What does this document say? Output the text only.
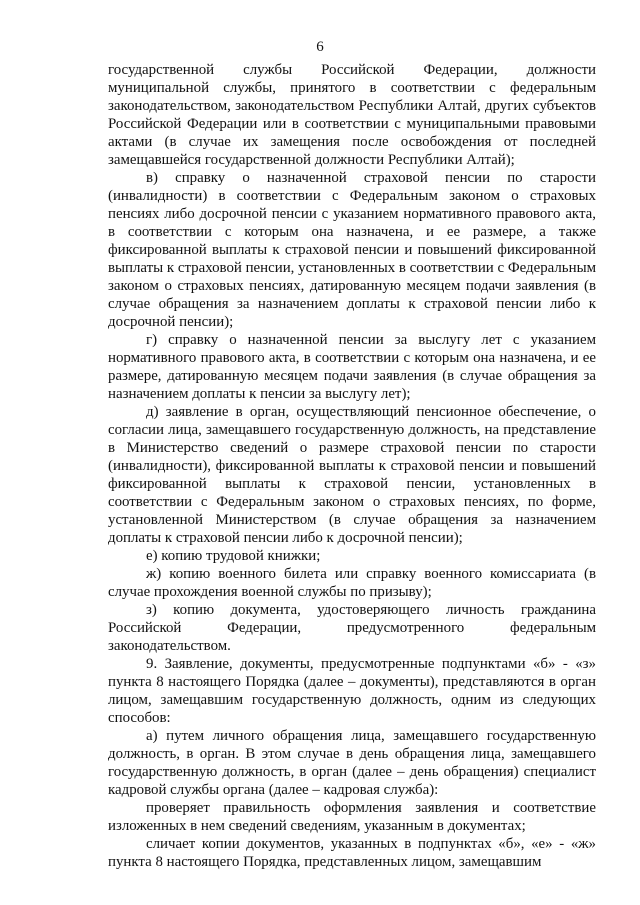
6

государственной службы Российской Федерации, должности муниципальной службы, принятого в соответствии с федеральным законодательством, законодательством Республики Алтай, других субъектов Российской Федерации или в соответствии с муниципальными правовыми актами (в случае их замещения после освобождения от последней замещавшейся государственной должности Республики Алтай);

в) справку о назначенной страховой пенсии по старости (инвалидности) в соответствии с Федеральным законом о страховых пенсиях либо досрочной пенсии с указанием нормативного правового акта, в соответствии с которым она назначена, и ее размере, а также фиксированной выплаты к страховой пенсии и повышений фиксированной выплаты к страховой пенсии, установленных в соответствии с Федеральным законом о страховых пенсиях, датированную месяцем подачи заявления (в случае обращения за назначением доплаты к страховой пенсии либо к досрочной пенсии);

г) справку о назначенной пенсии за выслугу лет с указанием нормативного правового акта, в соответствии с которым она назначена, и ее размере, датированную месяцем подачи заявления (в случае обращения за назначением доплаты к пенсии за выслугу лет);

д) заявление в орган, осуществляющий пенсионное обеспечение, о согласии лица, замещавшего государственную должность, на представление в Министерство сведений о размере страховой пенсии по старости (инвалидности), фиксированной выплаты к страховой пенсии и повышений фиксированной выплаты к страховой пенсии, установленных в соответствии с Федеральным законом о страховых пенсиях, по форме, установленной Министерством (в случае обращения за назначением доплаты к страховой пенсии либо к досрочной пенсии);

е) копию трудовой книжки;

ж) копию военного билета или справку военного комиссариата (в случае прохождения военной службы по призыву);

з) копию документа, удостоверяющего личность гражданина Российской Федерации, предусмотренного федеральным законодательством.

9. Заявление, документы, предусмотренные подпунктами «б» - «з» пункта 8 настоящего Порядка (далее – документы), представляются в орган лицом, замещавшим государственную должность, одним из следующих способов:

а) путем личного обращения лица, замещавшего государственную должность, в орган. В этом случае в день обращения лица, замещавшего государственную должность, в орган (далее – день обращения) специалист кадровой службы органа (далее – кадровая служба):

проверяет правильность оформления заявления и соответствие изложенных в нем сведений сведениям, указанным в документах;

сличает копии документов, указанных в подпунктах «б», «е» - «ж» пункта 8 настоящего Порядка, представленных лицом, замещавшим
